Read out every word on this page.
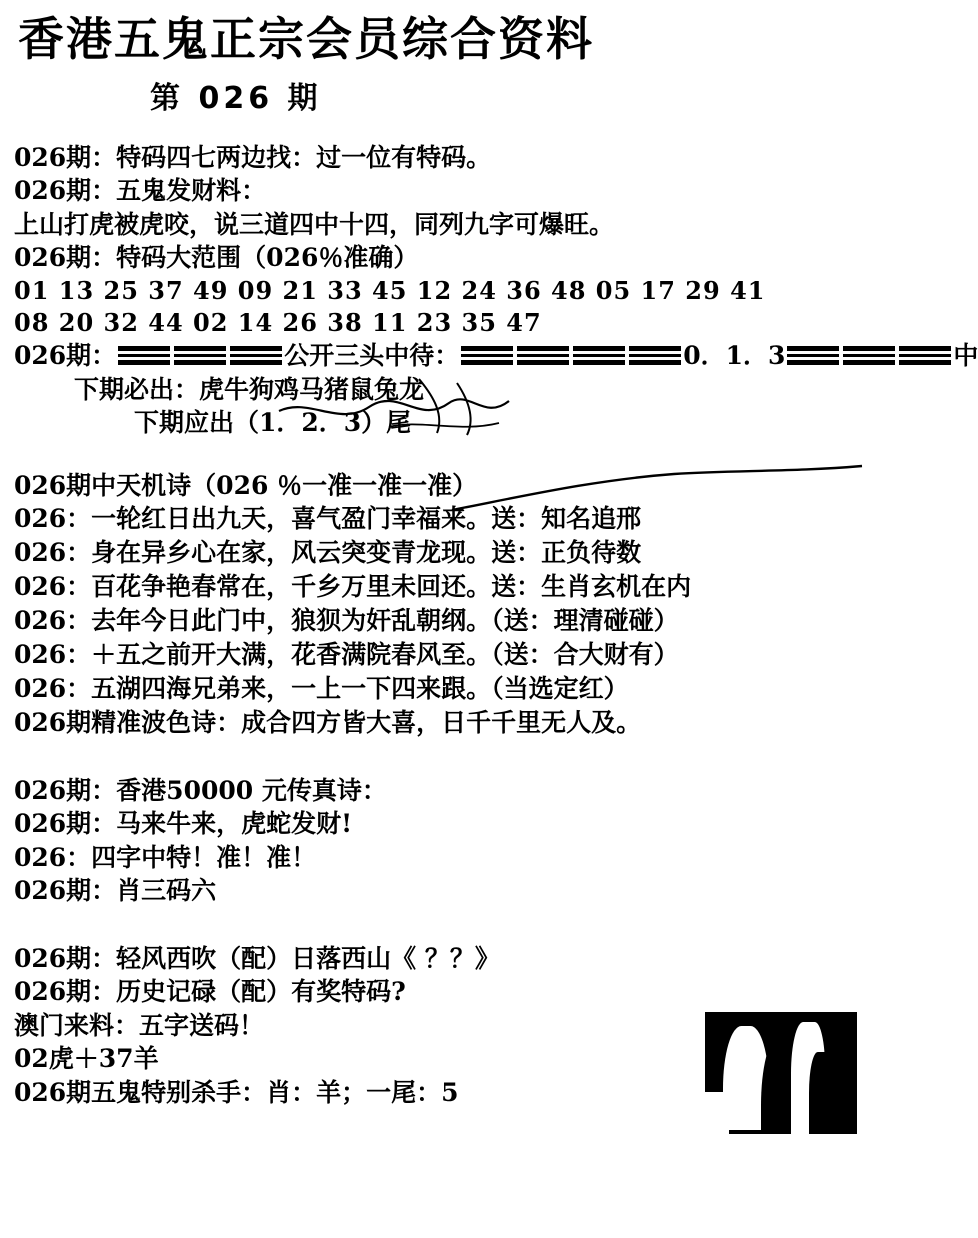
香港五鬼正宗会员综合资料
第 026 期
026期：特码四七两边找：过一位有特码。
026期：五鬼发财料：
上山打虎被虎咬，说三道四中十四，同列九字可爆旺。
026期：特码大范围（026％准确）
01 13 25 37 49 09 21 33 45 12 24 36 48 05 17 29 41
08 20 32 44 02 14 26 38 11 23 35 47
026期：	公开三头中待：	0．1．3	中
下期必出：虎牛狗鸡马猪鼠兔龙
下期应出（1．2．3）尾
026期中天机诗（026 ％一准一准一准）
026：一轮红日出九天，喜气盈门幸福来。送：知名追邢
026：身在异乡心在家，风云突变青龙现。送：正负待数
026：百花争艳春常在，千乡万里未回还。送：生肖玄机在内
026：去年今日此门中，狼狈为奸乱朝纲。（送：理清碰碰）
026：＋五之前开大满，花香满院春风至。（送：合大财有）
026：五湖四海兄弟来，一上一下四来跟。（当选定红）
026期精准波色诗：成合四方皆大喜，日千千里无人及。
026期：香港50000 元传真诗：
026期：马来牛来，虎蛇发财!
026：四字中特！准！准！
026期：肖三码六
026期：轻风西吹（配）日落西山《 ？？》
026期：历史记碌（配）有奖特码?
澳门来料：五字送码！
02虎＋37羊
026期五鬼特别杀手：肖：羊；一尾：5
